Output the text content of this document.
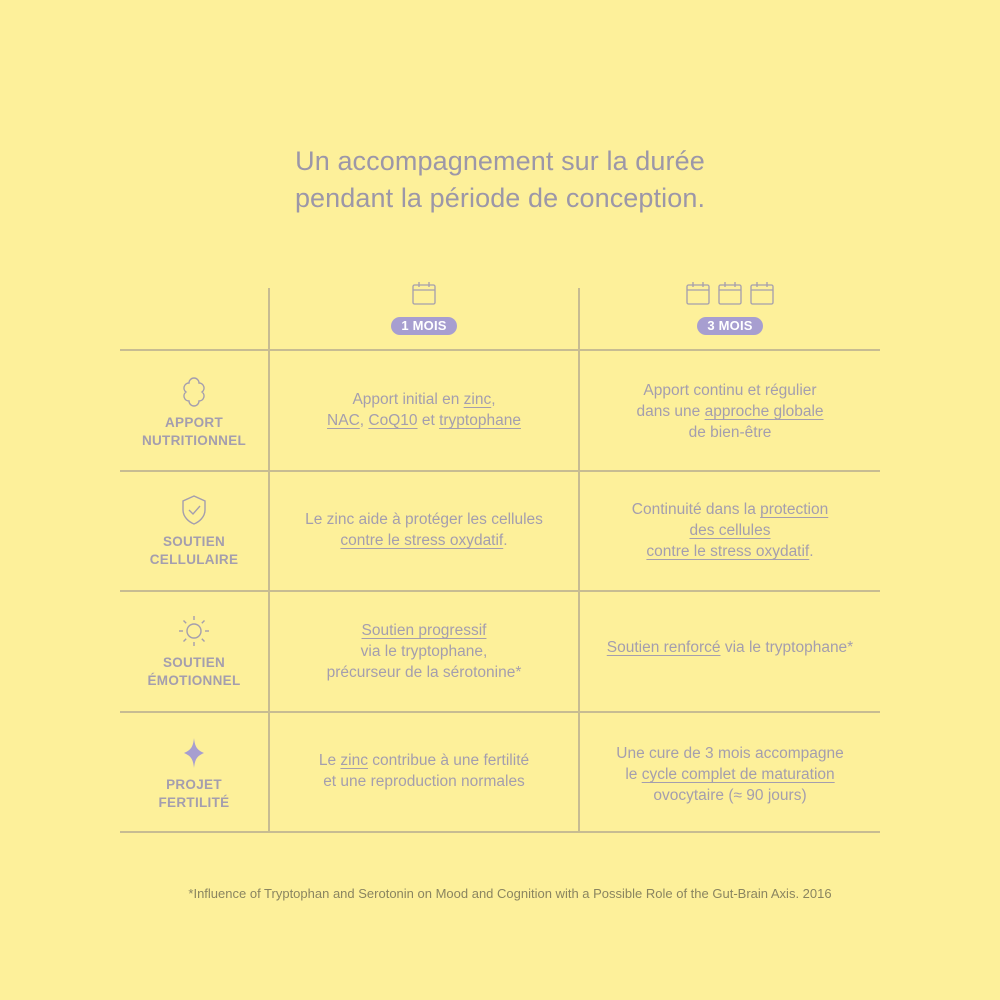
Un accompagnement sur la durée
pendant la période de conception.
1 MOIS	3 MOIS
APPORT
NUTRITIONNEL
SOUTIEN
CELLULAIRE
SOUTIEN
ÉMOTIONNEL
PROJET
FERTILITÉ
Apport initial en zinc,
NAC, CoQ10 et tryptophane
Apport continu et régulier
dans une approche globale
de bien-être
Le zinc aide à protéger les cellules
contre le stress oxydatif.
Continuité dans la protection
des cellules
contre le stress oxydatif.
Soutien progressif
via le tryptophane,
précurseur de la sérotonine*
Soutien renforcé via le tryptophane*
Le zinc contribue à une fertilité
et une reproduction normales
Une cure de 3 mois accompagne
le cycle complet de maturation
ovocytaire (≈ 90 jours)
*Influence of Tryptophan and Serotonin on Mood and Cognition with a Possible Role of the Gut-Brain Axis. 2016
